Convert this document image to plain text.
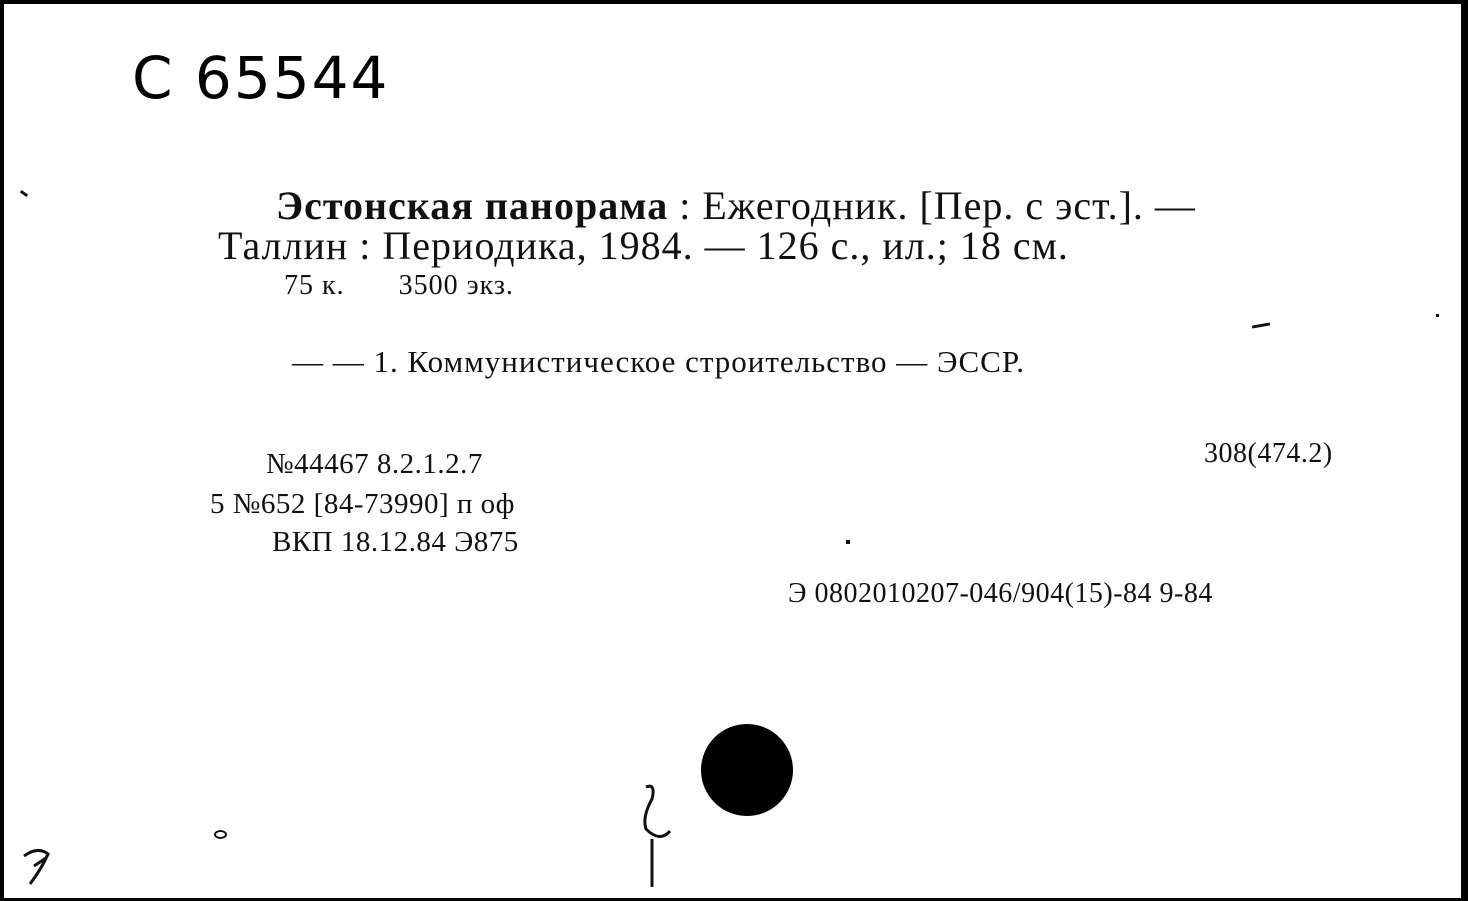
С 65544
Эстонская панорама : Ежегодник. [Пер. с эст.]. —
Таллин : Периодика, 1984. — 126 с., ил.; 18 см.
75 к. 3500 экз.
— — 1. Коммунистическое строительство — ЭССР.
№44467 8.2.1.2.7
5 №652 [84-73990] п оф
ВКП 18.12.84 Э875
308(474.2)
Э 0802010207-046/904(15)-84 9-84
